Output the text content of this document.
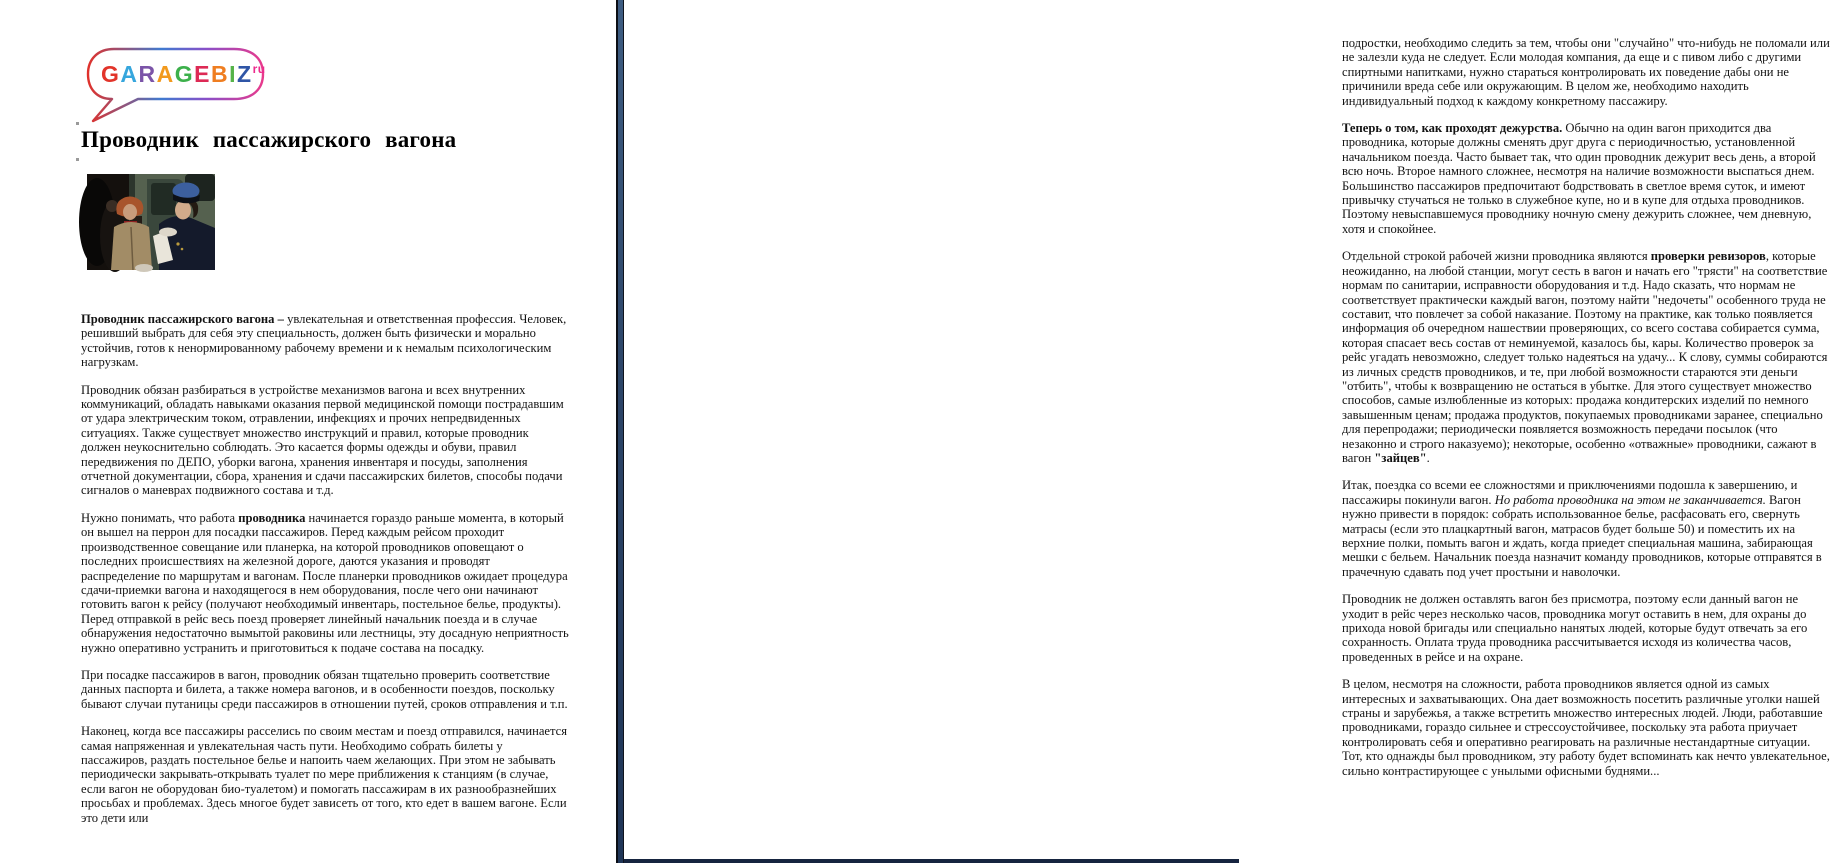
$GARAGEBIZ^{ru}$
Проводник пассажирского вагона

Проводник пассажирского вагона – увлекательная и ответственная профессия. Человек, решивший выбрать для себя эту специальность, должен быть физически и морально устойчив, готов к ненормированному рабочему времени и к немалым психологическим нагрузкам.

Проводник обязан разбираться в устройстве механизмов вагона и всех внутренних коммуникаций, обладать навыками оказания первой медицинской помощи пострадавшим от удара электрическим током, отравлении, инфекциях и прочих непредвиденных ситуациях. Также существует множество инструкций и правил, которые проводник должен неукоснительно соблюдать. Это касается формы одежды и обуви, правил передвижения по ДЕПО, уборки вагона, хранения инвентаря и посуды, заполнения отчетной документации, сбора, хранения и сдачи пассажирских билетов, способы подачи сигналов о маневрах подвижного состава и т.д.

Нужно понимать, что работа проводника начинается гораздо раньше момента, в который он вышел на перрон для посадки пассажиров. Перед каждым рейсом проходит производственное совещание или планерка, на которой проводников оповещают о последних происшествиях на железной дороге, даются указания и проводят распределение по маршрутам и вагонам. После планерки проводников ожидает процедура сдачи-приемки вагона и находящегося в нем оборудования, после чего они начинают готовить вагон к рейсу (получают необходимый инвентарь, постельное белье, продукты). Перед отправкой в рейс весь поезд проверяет линейный начальник поезда и в случае обнаружения недостаточно вымытой раковины или лестницы, эту досадную неприятность нужно оперативно устранить и приготовиться к подаче состава на посадку.

При посадке пассажиров в вагон, проводник обязан тщательно проверить соответствие данных паспорта и билета, а также номера вагонов, и в особенности поездов, поскольку бывают случаи путаницы среди пассажиров в отношении путей, сроков отправления и т.п.

Наконец, когда все пассажиры расселись по своим местам и поезд отправился, начинается самая напряженная и увлекательная часть пути. Необходимо собрать билеты у пассажиров, раздать постельное белье и напоить чаем желающих. При этом не забывать периодически закрывать-открывать туалет по мере приближения к станциям (в случае, если вагон не оборудован био-туалетом) и помогать пассажирам в их разнообразнейших просьбах и проблемах. Здесь многое будет зависеть от того, кто едет в вашем вагоне. Если это дети или

подростки, необходимо следить за тем, чтобы они "случайно" что-нибудь не поломали или не залезли куда не следует. Если молодая компания, да еще и с пивом либо с другими спиртными напитками, нужно стараться контролировать их поведение дабы они не причинили вреда себе или окружающим. В целом же, необходимо находить индивидуальный подход к каждому конкретному пассажиру.

Теперь о том, как проходят дежурства. Обычно на один вагон приходится два проводника, которые должны сменять друг друга с периодичностью, установленной начальником поезда. Часто бывает так, что один проводник дежурит весь день, а второй всю ночь. Второе намного сложнее, несмотря на наличие возможности выспаться днем. Большинство пассажиров предпочитают бодрствовать в светлое время суток, и имеют привычку стучаться не только в служебное купе, но и в купе для отдыха проводников. Поэтому невыспавшемуся проводнику ночную смену дежурить сложнее, чем дневную, хотя и спокойнее.

Отдельной строкой рабочей жизни проводника являются проверки ревизоров, которые неожиданно, на любой станции, могут сесть в вагон и начать его "трясти" на соответствие нормам по санитарии, исправности оборудования и т.д. Надо сказать, что нормам не соответствует практически каждый вагон, поэтому найти "недочеты" особенного труда не составит, что повлечет за собой наказание. Поэтому на практике, как только появляется информация об очередном нашествии проверяющих, со всего состава собирается сумма, которая спасает весь состав от неминуемой, казалось бы, кары. Количество проверок за рейс угадать невозможно, следует только надеяться на удачу... К слову, суммы собираются из личных средств проводников, и те, при любой возможности стараются эти деньги "отбить", чтобы к возвращению не остаться в убытке. Для этого существует множество способов, самые излюбленные из которых: продажа кондитерских изделий по немного завышенным ценам; продажа продуктов, покупаемых проводниками заранее, специально для перепродажи; периодически появляется возможность передачи посылок (что незаконно и строго наказуемо); некоторые, особенно «отважные» проводники, сажают в вагон "зайцев".

Итак, поездка со всеми ее сложностями и приключениями подошла к завершению, и пассажиры покинули вагон. Но работа проводника на этом не заканчивается. Вагон нужно привести в порядок: собрать использованное белье, расфасовать его, свернуть матрасы (если это плацкартный вагон, матрасов будет больше 50) и поместить их на верхние полки, помыть вагон и ждать, когда приедет специальная машина, забирающая мешки с бельем. Начальник поезда назначит команду проводников, которые отправятся в прачечную сдавать под учет простыни и наволочки.

Проводник не должен оставлять вагон без присмотра, поэтому если данный вагон не уходит в рейс через несколько часов, проводника могут оставить в нем, для охраны до прихода новой бригады или специально нанятых людей, которые будут отвечать за его сохранность. Оплата труда проводника рассчитывается исходя из количества часов, проведенных в рейсе и на охране.

В целом, несмотря на сложности, работа проводников является одной из самых интересных и захватывающих. Она дает возможность посетить различные уголки нашей страны и зарубежья, а также встретить множество интересных людей. Люди, работавшие проводниками, гораздо сильнее и стрессоустойчивее, поскольку эта работа приучает контролировать себя и оперативно реагировать на различные нестандартные ситуации. Тот, кто однажды был проводником, эту работу будет вспоминать как нечто увлекательное, сильно контрастирующее с унылыми офисными буднями...
